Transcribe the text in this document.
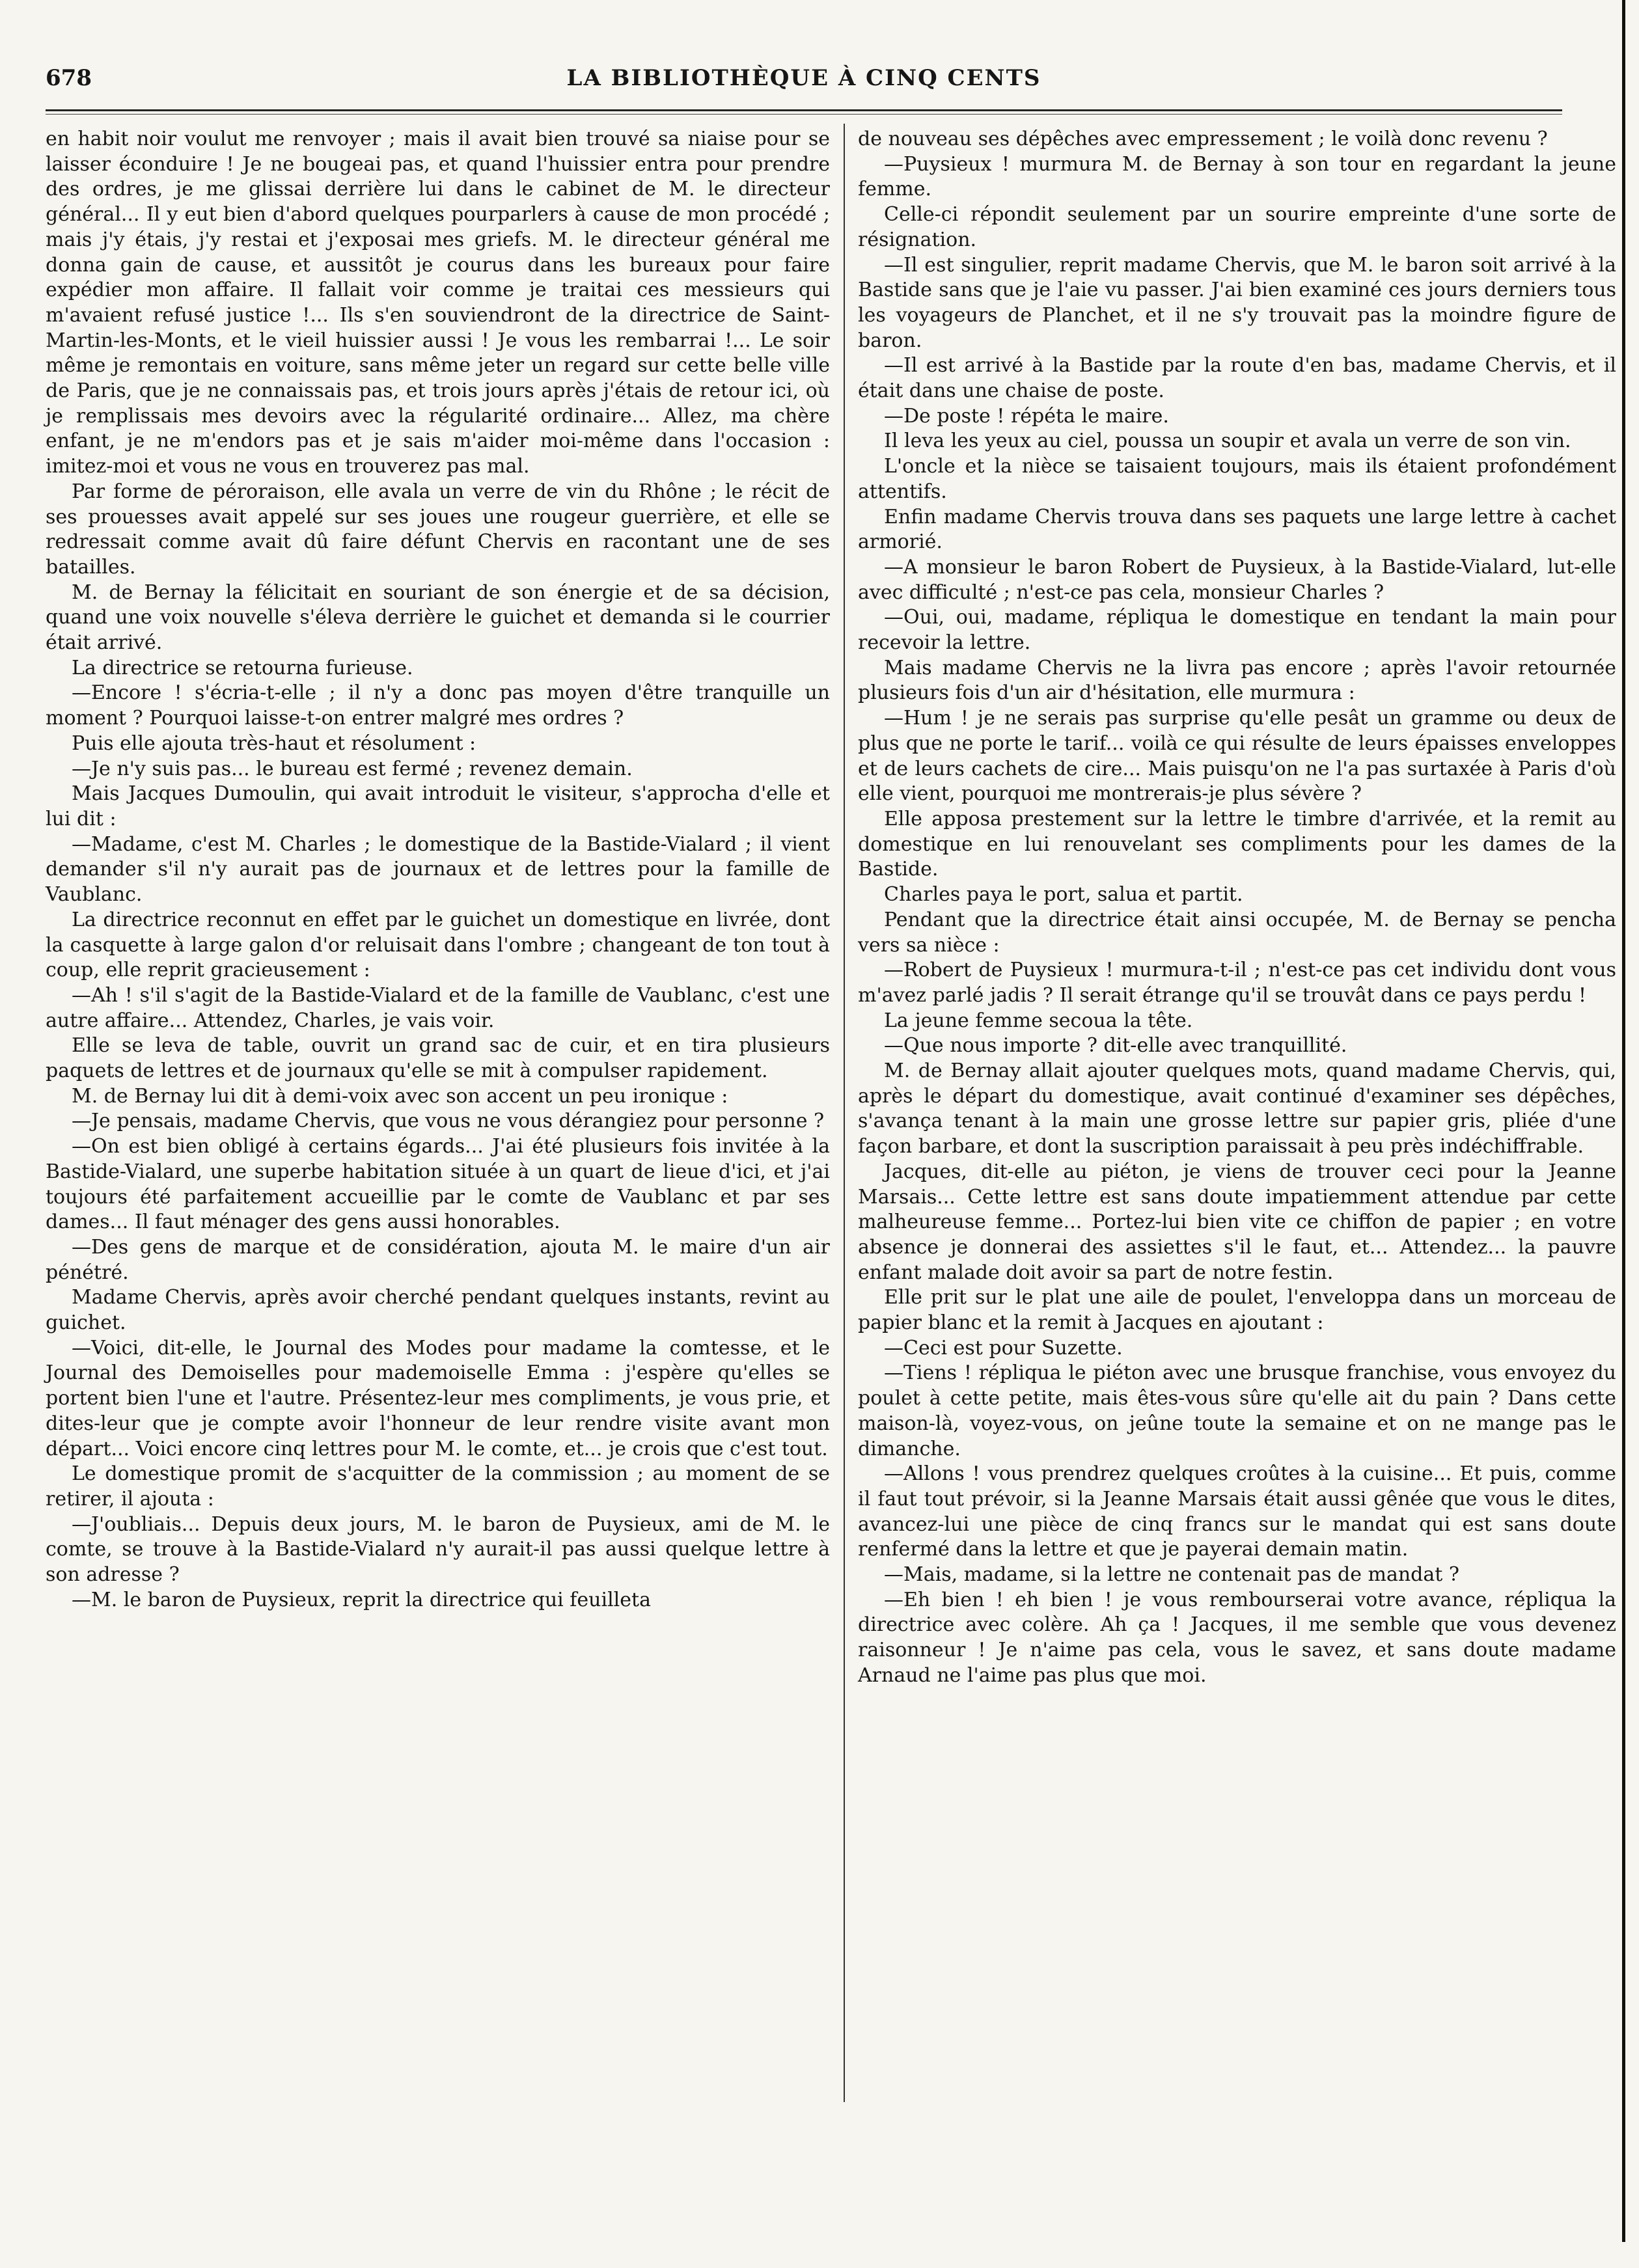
678	LA BIBLIOTHÈQUE À CINQ CENTS

en habit noir voulut me renvoyer ; mais il avait bien trouvé sa niaise pour se laisser éconduire ! Je ne bougeai pas, et quand l'huissier entra pour prendre des ordres, je me glissai derrière lui dans le cabinet de M. le directeur général... Il y eut bien d'abord quelques pourparlers à cause de mon procédé ; mais j'y étais, j'y restai et j'exposai mes griefs. M. le directeur général me donna gain de cause, et aussitôt je courus dans les bureaux pour faire expédier mon affaire. Il fallait voir comme je traitai ces messieurs qui m'avaient refusé justice !... Ils s'en souviendront de la directrice de Saint-Martin-les-Monts, et le vieil huissier aussi ! Je vous les rembarrai !... Le soir même je remontais en voiture, sans même jeter un regard sur cette belle ville de Paris, que je ne connaissais pas, et trois jours après j'étais de retour ici, où je remplissais mes devoirs avec la régularité ordinaire... Allez, ma chère enfant, je ne m'endors pas et je sais m'aider moi-même dans l'occasion : imitez-moi et vous ne vous en trouverez pas mal.

Par forme de péroraison, elle avala un verre de vin du Rhône ; le récit de ses prouesses avait appelé sur ses joues une rougeur guerrière, et elle se redressait comme avait dû faire défunt Chervis en racontant une de ses batailles.

M. de Bernay la félicitait en souriant de son énergie et de sa décision, quand une voix nouvelle s'éleva derrière le guichet et demanda si le courrier était arrivé.

La directrice se retourna furieuse.

—Encore ! s'écria-t-elle ; il n'y a donc pas moyen d'être tranquille un moment ? Pourquoi laisse-t-on entrer malgré mes ordres ?

Puis elle ajouta très-haut et résolument :

—Je n'y suis pas... le bureau est fermé ; revenez demain.

Mais Jacques Dumoulin, qui avait introduit le visiteur, s'approcha d'elle et lui dit :

—Madame, c'est M. Charles ; le domestique de la Bastide-Vialard ; il vient demander s'il n'y aurait pas de journaux et de lettres pour la famille de Vaublanc.

La directrice reconnut en effet par le guichet un domestique en livrée, dont la casquette à large galon d'or reluisait dans l'ombre ; changeant de ton tout à coup, elle reprit gracieusement :

—Ah ! s'il s'agit de la Bastide-Vialard et de la famille de Vaublanc, c'est une autre affaire... Attendez, Charles, je vais voir.

Elle se leva de table, ouvrit un grand sac de cuir, et en tira plusieurs paquets de lettres et de journaux qu'elle se mit à compulser rapidement.

M. de Bernay lui dit à demi-voix avec son accent un peu ironique :

—Je pensais, madame Chervis, que vous ne vous dérangiez pour personne ?

—On est bien obligé à certains égards... J'ai été plusieurs fois invitée à la Bastide-Vialard, une superbe habitation située à un quart de lieue d'ici, et j'ai toujours été parfaitement accueillie par le comte de Vaublanc et par ses dames... Il faut ménager des gens aussi honorables.

—Des gens de marque et de considération, ajouta M. le maire d'un air pénétré.

Madame Chervis, après avoir cherché pendant quelques instants, revint au guichet.

—Voici, dit-elle, le Journal des Modes pour madame la comtesse, et le Journal des Demoiselles pour mademoiselle Emma : j'espère qu'elles se portent bien l'une et l'autre. Présentez-leur mes compliments, je vous prie, et dites-leur que je compte avoir l'honneur de leur rendre visite avant mon départ... Voici encore cinq lettres pour M. le comte, et... je crois que c'est tout.

Le domestique promit de s'acquitter de la commission ; au moment de se retirer, il ajouta :

—J'oubliais... Depuis deux jours, M. le baron de Puysieux, ami de M. le comte, se trouve à la Bastide-Vialard n'y aurait-il pas aussi quelque lettre à son adresse ?

—M. le baron de Puysieux, reprit la directrice qui feuilleta

de nouveau ses dépêches avec empressement ; le voilà donc revenu ?

—Puysieux ! murmura M. de Bernay à son tour en regardant la jeune femme.

Celle-ci répondit seulement par un sourire empreinte d'une sorte de résignation.

—Il est singulier, reprit madame Chervis, que M. le baron soit arrivé à la Bastide sans que je l'aie vu passer. J'ai bien examiné ces jours derniers tous les voyageurs de Planchet, et il ne s'y trouvait pas la moindre figure de baron.

—Il est arrivé à la Bastide par la route d'en bas, madame Chervis, et il était dans une chaise de poste.

—De poste ! répéta le maire.

Il leva les yeux au ciel, poussa un soupir et avala un verre de son vin.

L'oncle et la nièce se taisaient toujours, mais ils étaient profondément attentifs.

Enfin madame Chervis trouva dans ses paquets une large lettre à cachet armorié.

—A monsieur le baron Robert de Puysieux, à la Bastide-Vialard, lut-elle avec difficulté ; n'est-ce pas cela, monsieur Charles ?

—Oui, oui, madame, répliqua le domestique en tendant la main pour recevoir la lettre.

Mais madame Chervis ne la livra pas encore ; après l'avoir retournée plusieurs fois d'un air d'hésitation, elle murmura :

—Hum ! je ne serais pas surprise qu'elle pesât un gramme ou deux de plus que ne porte le tarif... voilà ce qui résulte de leurs épaisses enveloppes et de leurs cachets de cire... Mais puisqu'on ne l'a pas surtaxée à Paris d'où elle vient, pourquoi me montrerais-je plus sévère ?

Elle apposa prestement sur la lettre le timbre d'arrivée, et la remit au domestique en lui renouvelant ses compliments pour les dames de la Bastide.

Charles paya le port, salua et partit.

Pendant que la directrice était ainsi occupée, M. de Bernay se pencha vers sa nièce :

—Robert de Puysieux ! murmura-t-il ; n'est-ce pas cet individu dont vous m'avez parlé jadis ? Il serait étrange qu'il se trouvât dans ce pays perdu !

La jeune femme secoua la tête.

—Que nous importe ? dit-elle avec tranquillité.

M. de Bernay allait ajouter quelques mots, quand madame Chervis, qui, après le départ du domestique, avait continué d'examiner ses dépêches, s'avança tenant à la main une grosse lettre sur papier gris, pliée d'une façon barbare, et dont la suscription paraissait à peu près indéchiffrable.

Jacques, dit-elle au piéton, je viens de trouver ceci pour la Jeanne Marsais... Cette lettre est sans doute impatiemment attendue par cette malheureuse femme... Portez-lui bien vite ce chiffon de papier ; en votre absence je donnerai des assiettes s'il le faut, et... Attendez... la pauvre enfant malade doit avoir sa part de notre festin.

Elle prit sur le plat une aile de poulet, l'enveloppa dans un morceau de papier blanc et la remit à Jacques en ajoutant :

—Ceci est pour Suzette.

—Tiens ! répliqua le piéton avec une brusque franchise, vous envoyez du poulet à cette petite, mais êtes-vous sûre qu'elle ait du pain ? Dans cette maison-là, voyez-vous, on jeûne toute la semaine et on ne mange pas le dimanche.

—Allons ! vous prendrez quelques croûtes à la cuisine... Et puis, comme il faut tout prévoir, si la Jeanne Marsais était aussi gênée que vous le dites, avancez-lui une pièce de cinq francs sur le mandat qui est sans doute renfermé dans la lettre et que je payerai demain matin.

—Mais, madame, si la lettre ne contenait pas de mandat ?

—Eh bien ! eh bien ! je vous rembourserai votre avance, répliqua la directrice avec colère. Ah ça ! Jacques, il me semble que vous devenez raisonneur ! Je n'aime pas cela, vous le savez, et sans doute madame Arnaud ne l'aime pas plus que moi.
